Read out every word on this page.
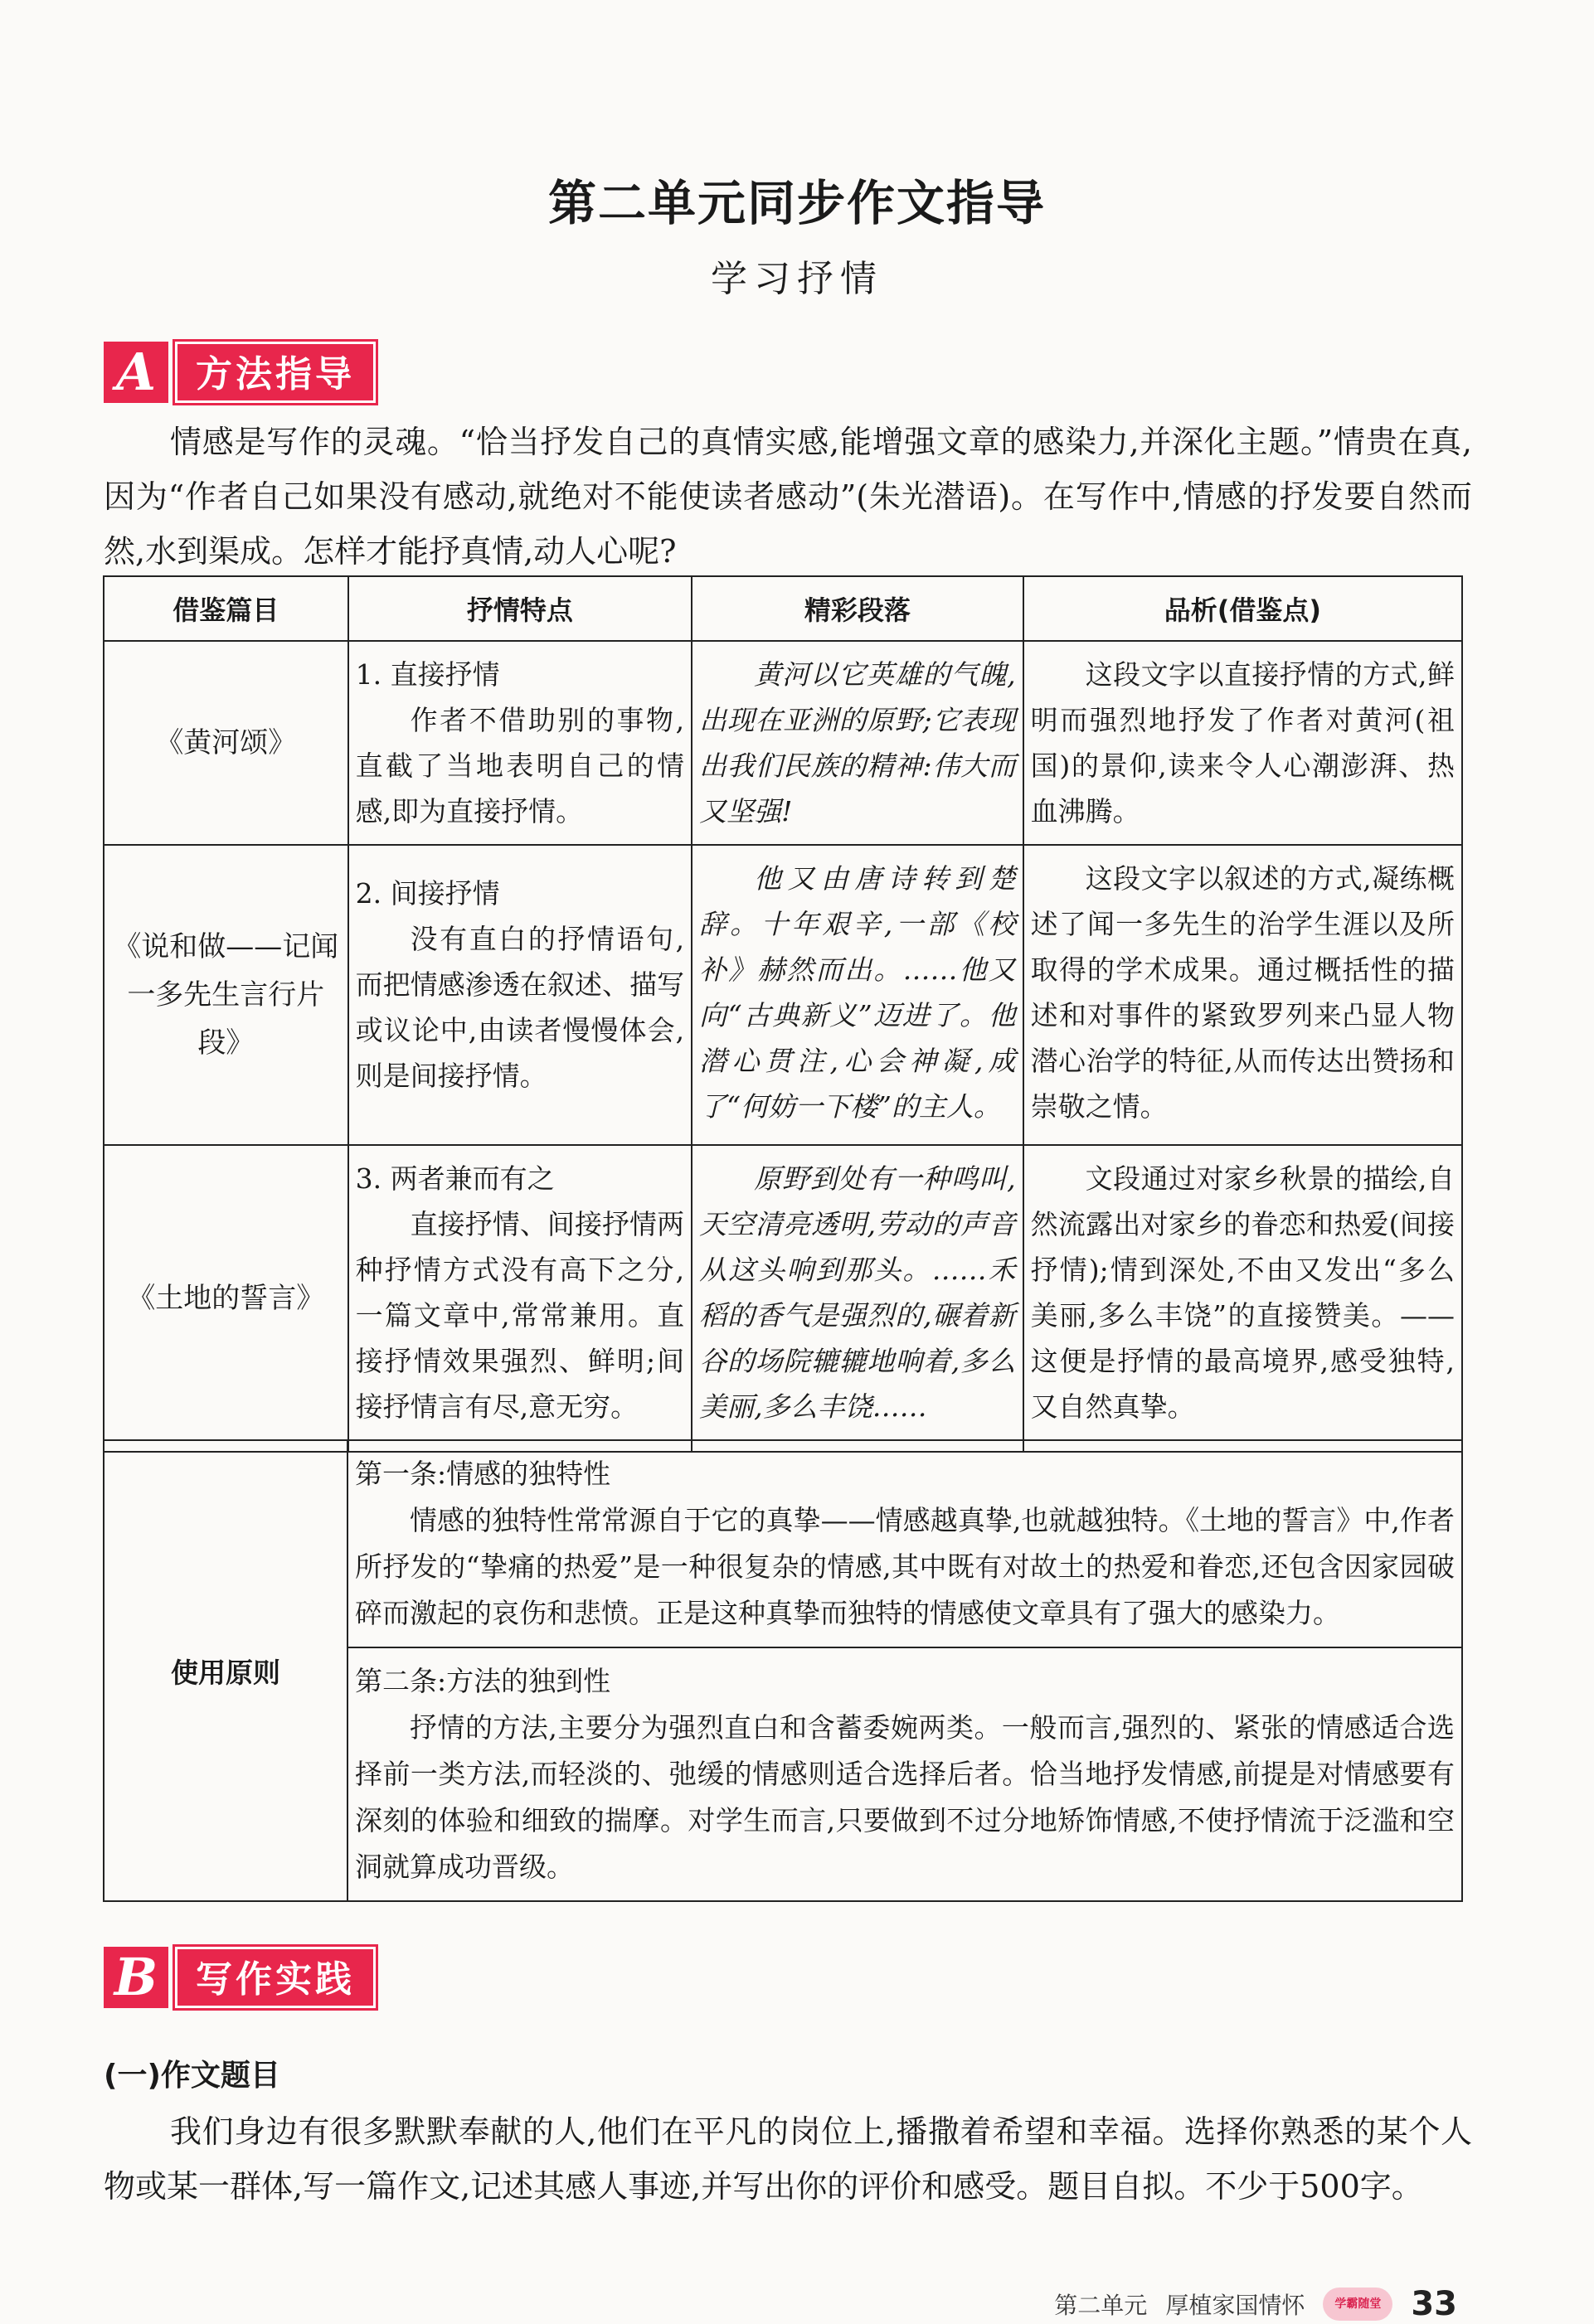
第二单元同步作文指导
学习抒情
A	方法指导
情感是写作的灵魂。“恰当抒发自己的真情实感,能增强文章的感染力,并深化主题。”情贵在真,因为“作者自己如果没有感动,就绝对不能使读者感动”(朱光潜语)。在写作中,情感的抒发要自然而然,水到渠成。怎样才能抒真情,动人心呢?
借鉴篇目	抒情特点	精彩段落	品析(借鉴点)
《黄河颂》	1. 直接抒情
作者不借助别的事物,直截了当地表明自己的情感,即为直接抒情。	黄河以它英雄的气魄,出现在亚洲的原野;它表现出我们民族的精神:伟大而又坚强!	这段文字以直接抒情的方式,鲜明而强烈地抒发了作者对黄河(祖国)的景仰,读来令人心潮澎湃、热血沸腾。

《说和做——记闻一多先生言行片段》	2. 间接抒情
没有直白的抒情语句,而把情感渗透在叙述、描写或议论中,由读者慢慢体会,则是间接抒情。	他又由唐诗转到楚辞。十年艰辛,一部《校补》赫然而出。……他又向“古典新义”迈进了。他潜心贯注,心会神凝,成了“何妨一下楼”的主人。	这段文字以叙述的方式,凝练概述了闻一多先生的治学生涯以及所取得的学术成果。通过概括性的描述和对事件的紧致罗列来凸显人物潜心治学的特征,从而传达出赞扬和崇敬之情。

《土地的誓言》	3. 两者兼而有之
直接抒情、间接抒情两种抒情方式没有高下之分,一篇文章中,常常兼用。直接抒情效果强烈、鲜明;间接抒情言有尽,意无穷。	原野到处有一种鸣叫,天空清亮透明,劳动的声音从这头响到那头。……禾稻的香气是强烈的,碾着新谷的场院辘辘地响着,多么美丽,多么丰饶……	文段通过对家乡秋景的描绘,自然流露出对家乡的眷恋和热爱(间接抒情);情到深处,不由又发出“多么美丽,多么丰饶”的直接赞美。——这便是抒情的最高境界,感受独特,又自然真挚。
使用原则	第一条:情感的独特性
情感的独特性常常源自于它的真挚——情感越真挚,也就越独特。《土地的誓言》中,作者所抒发的“挚痛的热爱”是一种很复杂的情感,其中既有对故土的热爱和眷恋,还包含因家园破碎而激起的哀伤和悲愤。正是这种真挚而独特的情感使文章具有了强大的感染力。

第二条:方法的独到性
抒情的方法,主要分为强烈直白和含蓄委婉两类。一般而言,强烈的、紧张的情感适合选择前一类方法,而轻淡的、弛缓的情感则适合选择后者。恰当地抒发情感,前提是对情感要有深刻的体验和细致的揣摩。对学生而言,只要做到不过分地矫饰情感,不使抒情流于泛滥和空洞就算成功晋级。
B	写作实践
(一)作文题目
我们身边有很多默默奉献的人,他们在平凡的岗位上,播撒着希望和幸福。选择你熟悉的某个人物或某一群体,写一篇作文,记述其感人事迹,并写出你的评价和感受。题目自拟。不少于500字。
第二单元 厚植家国情怀	学霸随堂 33
